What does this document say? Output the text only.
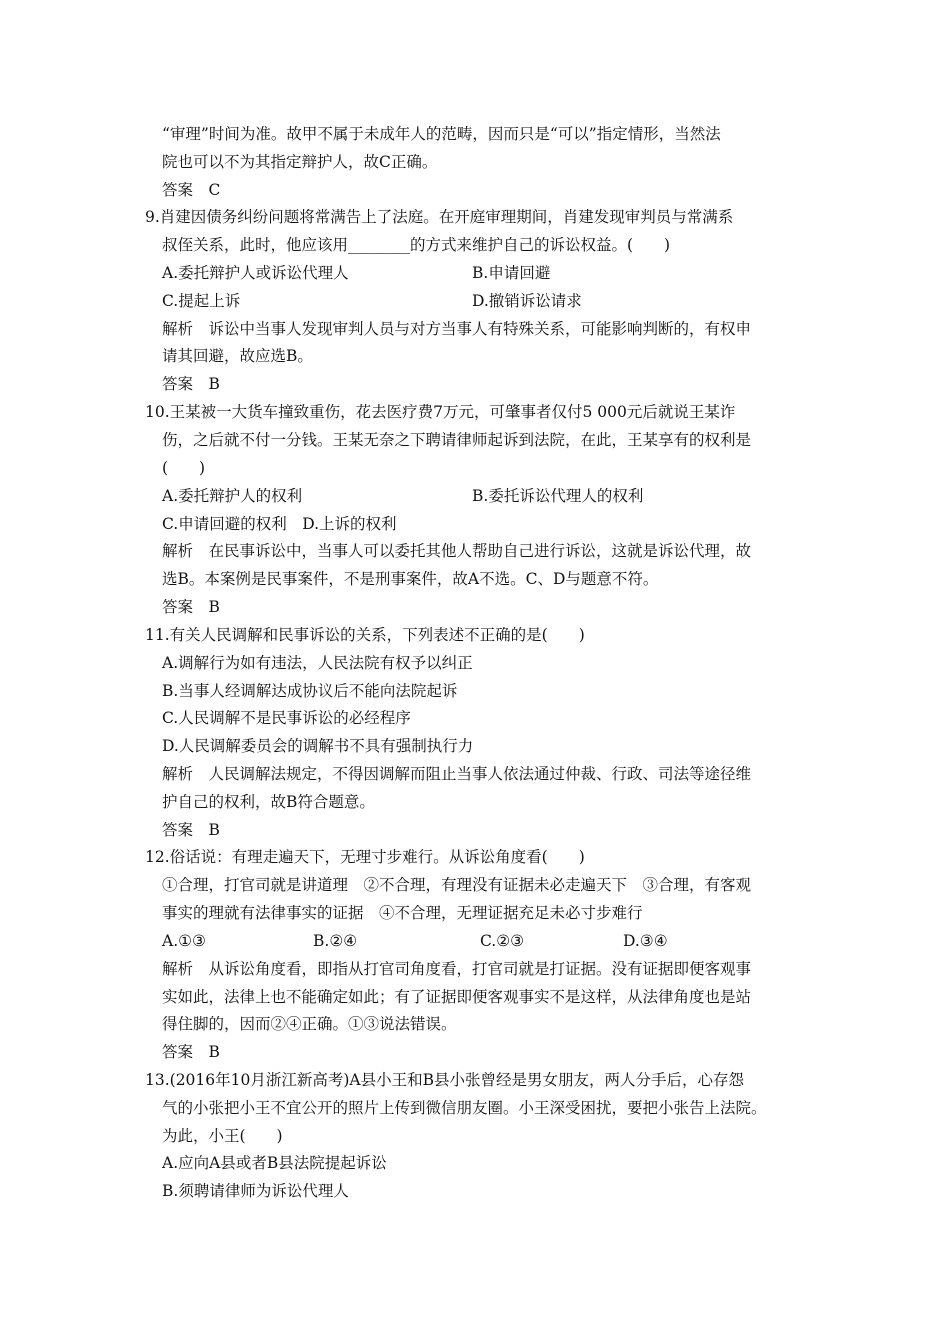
“审理”时间为准。故甲不属于未成年人的范畴，因而只是“可以”指定情形，当然法
院也可以不为其指定辩护人，故C正确。
答案　C
9.肖建因债务纠纷问题将常满告上了法庭。在开庭审理期间，肖建发现审判员与常满系
叔侄关系，此时，他应该用________的方式来维护自己的诉讼权益。(　　)
A.委托辩护人或诉讼代理人	B.申请回避
C.提起上诉	D.撤销诉讼请求
解析　诉讼中当事人发现审判人员与对方当事人有特殊关系，可能影响判断的，有权申
请其回避，故应选B。
答案　B
10.王某被一大货车撞致重伤，花去医疗费7万元，可肇事者仅付5 000元后就说王某诈
伤，之后就不付一分钱。王某无奈之下聘请律师起诉到法院，在此，王某享有的权利是
(　　)
A.委托辩护人的权利	B.委托诉讼代理人的权利
C.申请回避的权利　D.上诉的权利
解析　在民事诉讼中，当事人可以委托其他人帮助自己进行诉讼，这就是诉讼代理，故
选B。本案例是民事案件，不是刑事案件，故A不选。C、D与题意不符。
答案　B
11.有关人民调解和民事诉讼的关系，下列表述不正确的是(　　)
A.调解行为如有违法，人民法院有权予以纠正
B.当事人经调解达成协议后不能向法院起诉
C.人民调解不是民事诉讼的必经程序
D.人民调解委员会的调解书不具有强制执行力
解析　人民调解法规定，不得因调解而阻止当事人依法通过仲裁、行政、司法等途径维
护自己的权利，故B符合题意。
答案　B
12.俗话说：有理走遍天下，无理寸步难行。从诉讼角度看(　　)
①合理，打官司就是讲道理　②不合理，有理没有证据未必走遍天下　③合理，有客观
事实的理就有法律事实的证据　④不合理，无理证据充足未必寸步难行
A.①③	B.②④	C.②③	D.③④
解析　从诉讼角度看，即指从打官司角度看，打官司就是打证据。没有证据即便客观事
实如此，法律上也不能确定如此；有了证据即便客观事实不是这样，从法律角度也是站
得住脚的，因而②④正确。①③说法错误。
答案　B
13.(2016年10月浙江新高考)A县小王和B县小张曾经是男女朋友，两人分手后，心存怨
气的小张把小王不宜公开的照片上传到微信朋友圈。小王深受困扰，要把小张告上法院。
为此，小王(　　)
A.应向A县或者B县法院提起诉讼
B.须聘请律师为诉讼代理人
